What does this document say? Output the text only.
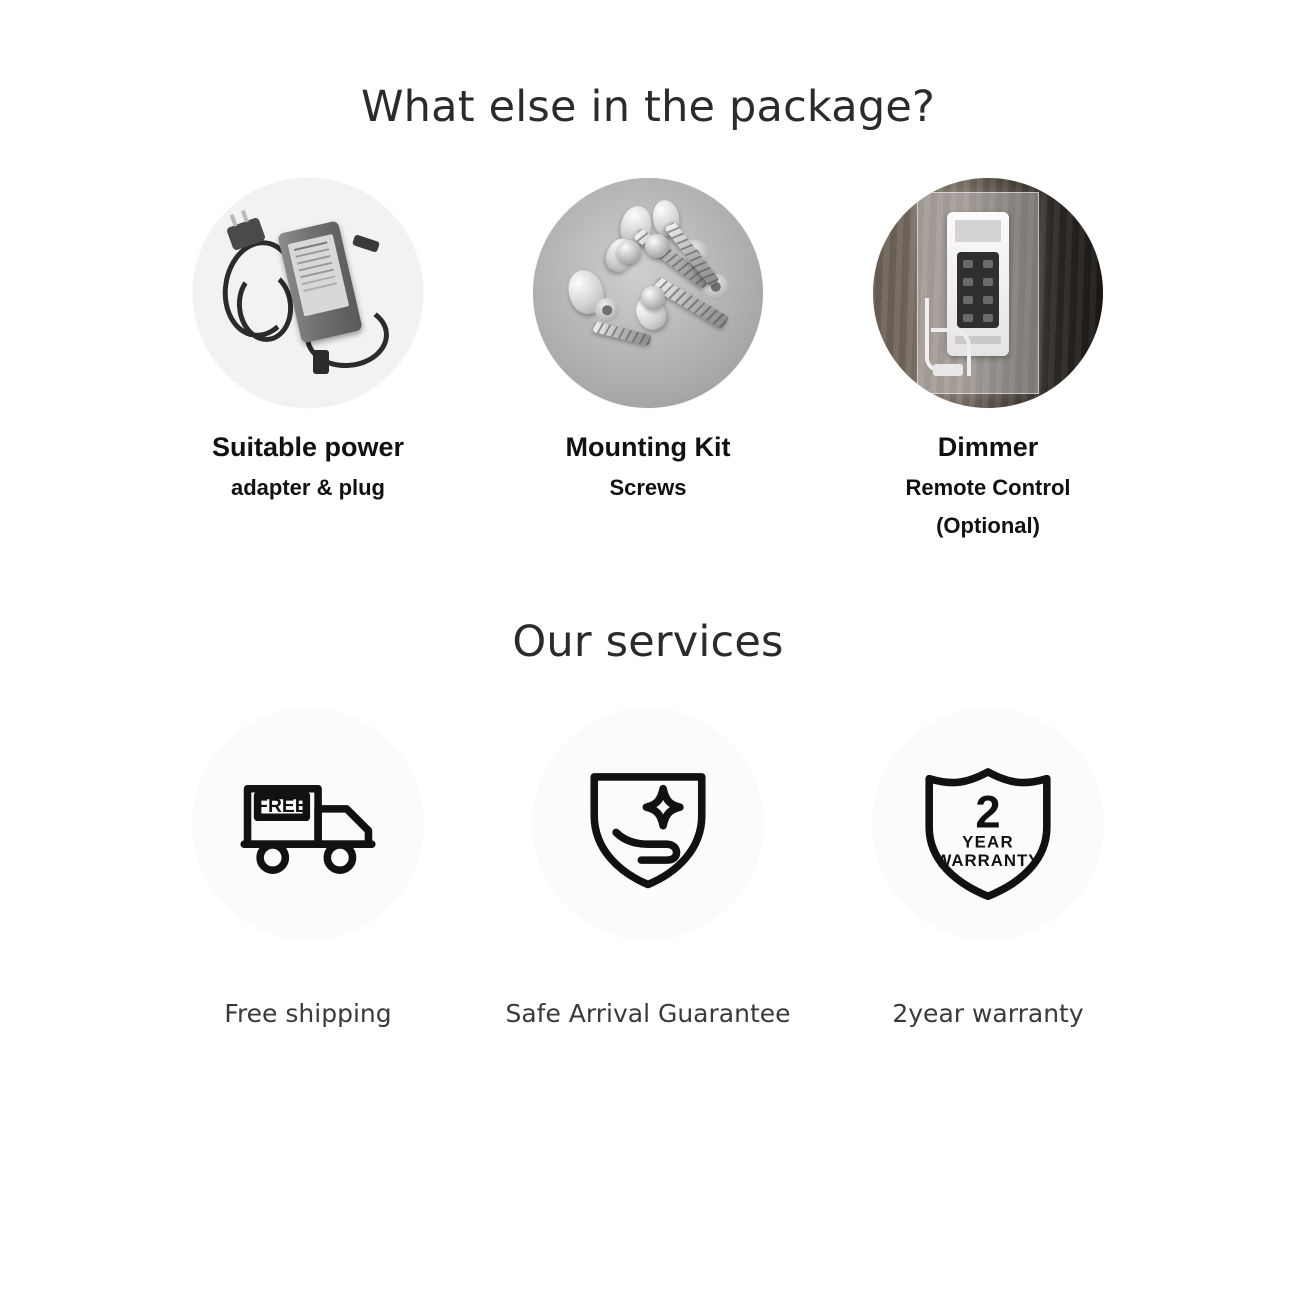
What else in the package?
Suitable power
adapter & plug
Mounting Kit
Screws
Dimmer
Remote Control
(Optional)
Our services
FREE
Free shipping	Safe Arrival Guarantee
2
YEAR
WARRANTY
2year warranty
